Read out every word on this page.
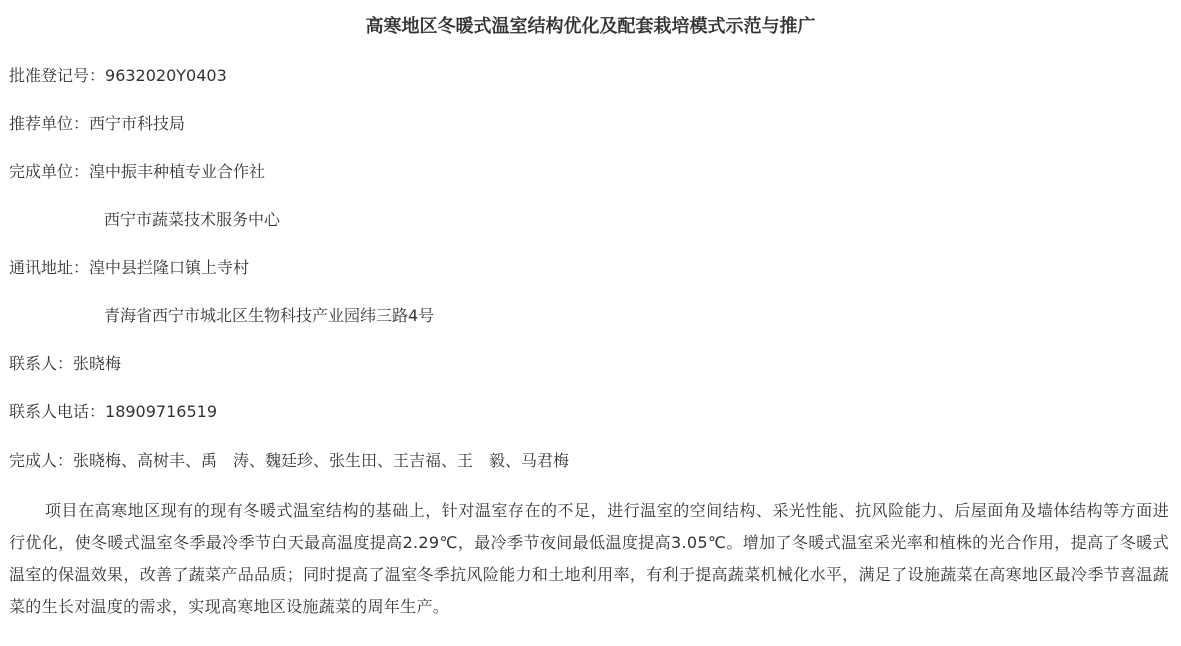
高寒地区冬暖式温室结构优化及配套栽培模式示范与推广
批准登记号：9632020Y0403
推荐单位：西宁市科技局
完成单位：湟中振丰种植专业合作社
西宁市蔬菜技术服务中心
通讯地址：湟中县拦隆口镇上寺村
青海省西宁市城北区生物科技产业园纬三路4号
联系人：张晓梅
联系人电话：18909716519
完成人：张晓梅、高树丰、禹　涛、魏廷珍、张生田、王吉福、王　毅、马君梅
项目在高寒地区现有的现有冬暖式温室结构的基础上，针对温室存在的不足，进行温室的空间结构、采光性能、抗风险能力、后屋面角及墙体结构等方面进行优化，使冬暖式温室冬季最冷季节白天最高温度提高2.29℃，最冷季节夜间最低温度提高3.05℃。增加了冬暖式温室采光率和植株的光合作用，提高了冬暖式温室的保温效果，改善了蔬菜产品品质；同时提高了温室冬季抗风险能力和土地利用率，有利于提高蔬菜机械化水平，满足了设施蔬菜在高寒地区最冷季节喜温蔬菜的生长对温度的需求，实现高寒地区设施蔬菜的周年生产。
